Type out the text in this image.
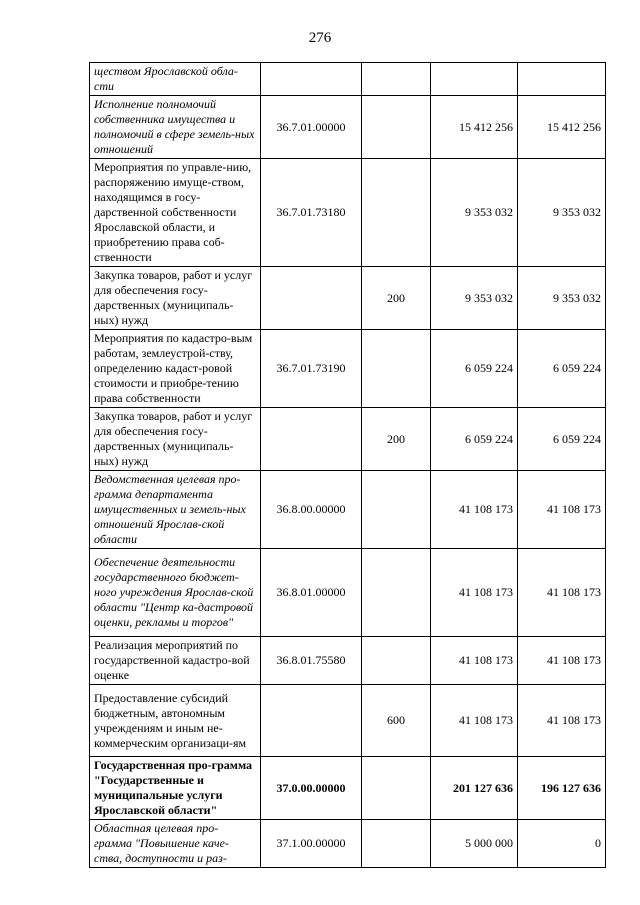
276
ществом Ярославской обла-сти				
Исполнение полномочий собственника имущества и полномочий в сфере земель-ных отношений	36.7.01.00000		15 412 256	15 412 256
Мероприятия по управле-нию, распоряжению имуще-ством, находящимся в госу-дарственной собственности Ярославской области, и приобретению права соб-ственности	36.7.01.73180		9 353 032	9 353 032
Закупка товаров, работ и услуг для обеспечения госу-дарственных (муниципаль-ных) нужд		200	9 353 032	9 353 032
Мероприятия по кадастро-вым работам, землеустрой-ству, определению кадаст-ровой стоимости и приобре-тению права собственности	36.7.01.73190		6 059 224	6 059 224
Закупка товаров, работ и услуг для обеспечения госу-дарственных (муниципаль-ных) нужд		200	6 059 224	6 059 224
Ведомственная целевая про-грамма департамента имущественных и земель-ных отношений Ярослав-ской области	36.8.00.00000		41 108 173	41 108 173
Обеспечение деятельности государственного бюджет-ного учреждения Ярослав-ской области "Центр ка-дастровой оценки, рекламы и торгов"	36.8.01.00000		41 108 173	41 108 173
Реализация мероприятий по государственной кадастро-вой оценке	36.8.01.75580		41 108 173	41 108 173
Предоставление субсидий бюджетным, автономным учреждениям и иным не-коммерческим организаци-ям		600	41 108 173	41 108 173
Государственная про-грамма "Государственные и муниципальные услуги Ярославской области"	37.0.00.00000		201 127 636	196 127 636
Областная целевая про-грамма "Повышение каче-ства, доступности и раз-	37.1.00.00000		5 000 000	0
